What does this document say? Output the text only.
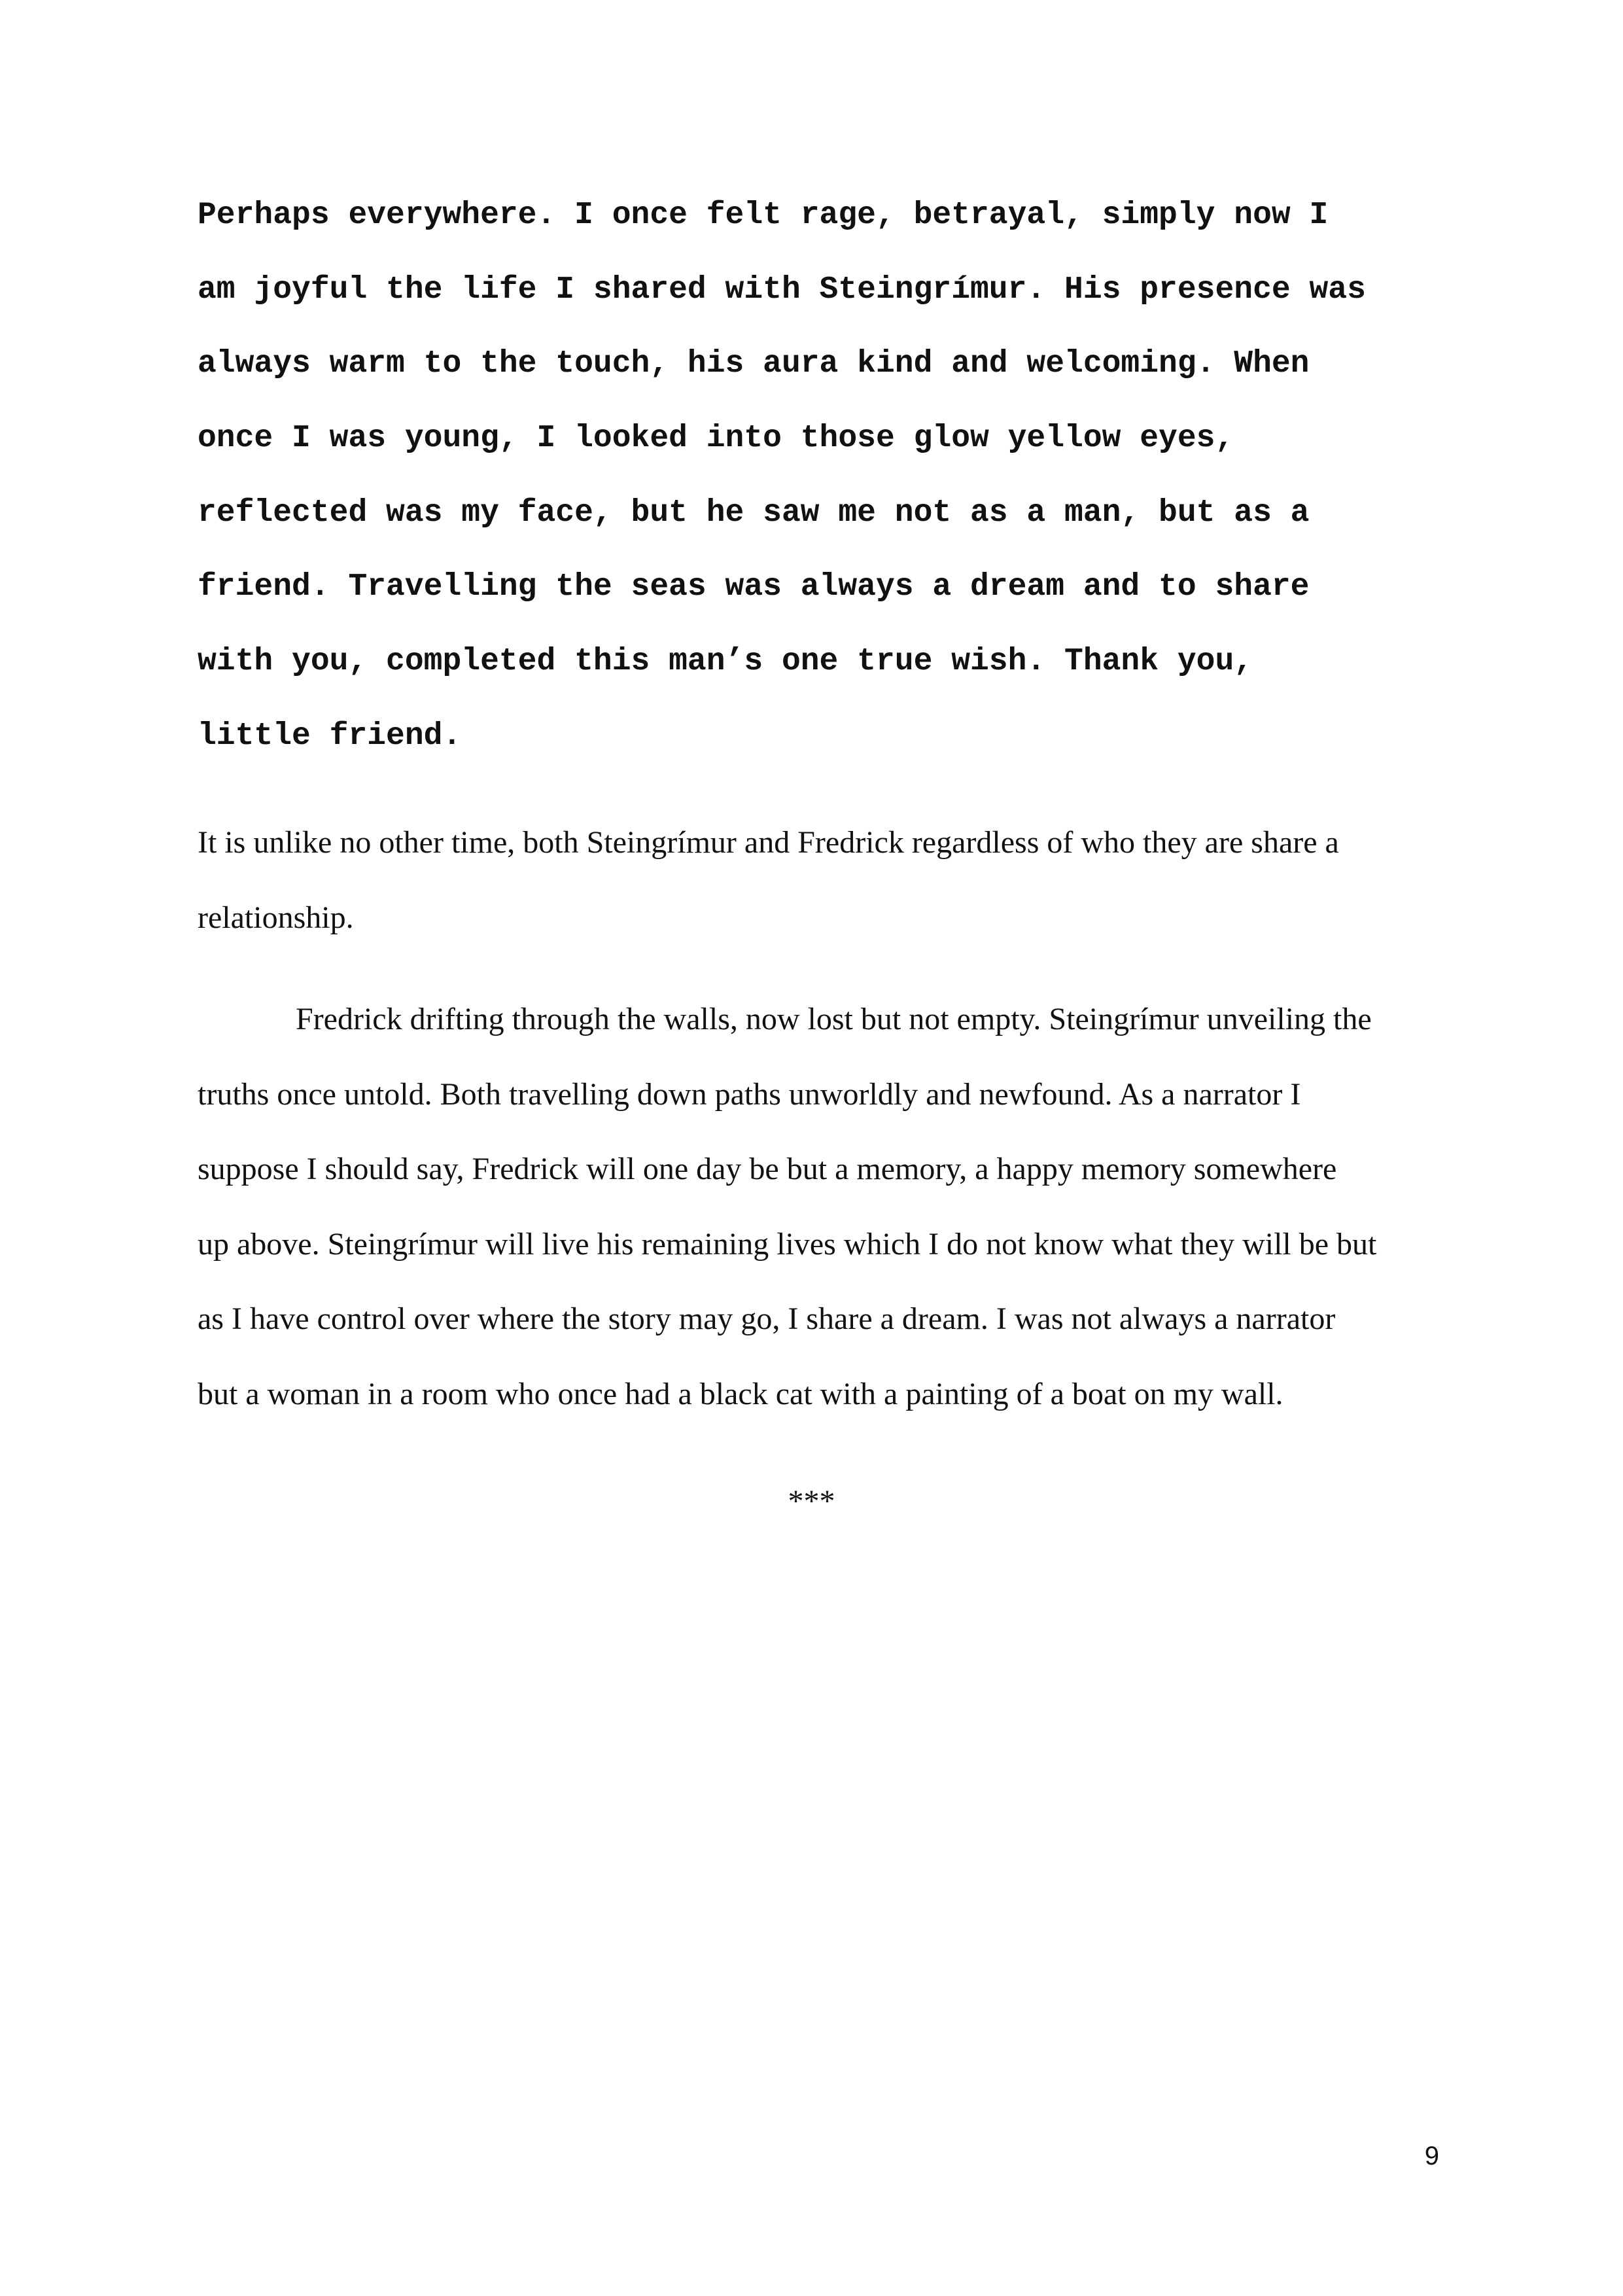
Perhaps everywhere. I once felt rage, betrayal, simply now I
am joyful the life I shared with Steingrímur. His presence was
always warm to the touch, his aura kind and welcoming. When
once I was young, I looked into those glow yellow eyes,
reflected was my face, but he saw me not as a man, but as a
friend. Travelling the seas was always a dream and to share
with you, completed this man’s one true wish. Thank you,
little friend.
It is unlike no other time, both Steingrímur and Fredrick regardless of who they are share a
relationship.
Fredrick drifting through the walls, now lost but not empty. Steingrímur unveiling the
truths once untold. Both travelling down paths unworldly and newfound. As a narrator I
suppose I should say, Fredrick will one day be but a memory, a happy memory somewhere
up above. Steingrímur will live his remaining lives which I do not know what they will be but
as I have control over where the story may go, I share a dream. I was not always a narrator
but a woman in a room who once had a black cat with a painting of a boat on my wall.
***
9
